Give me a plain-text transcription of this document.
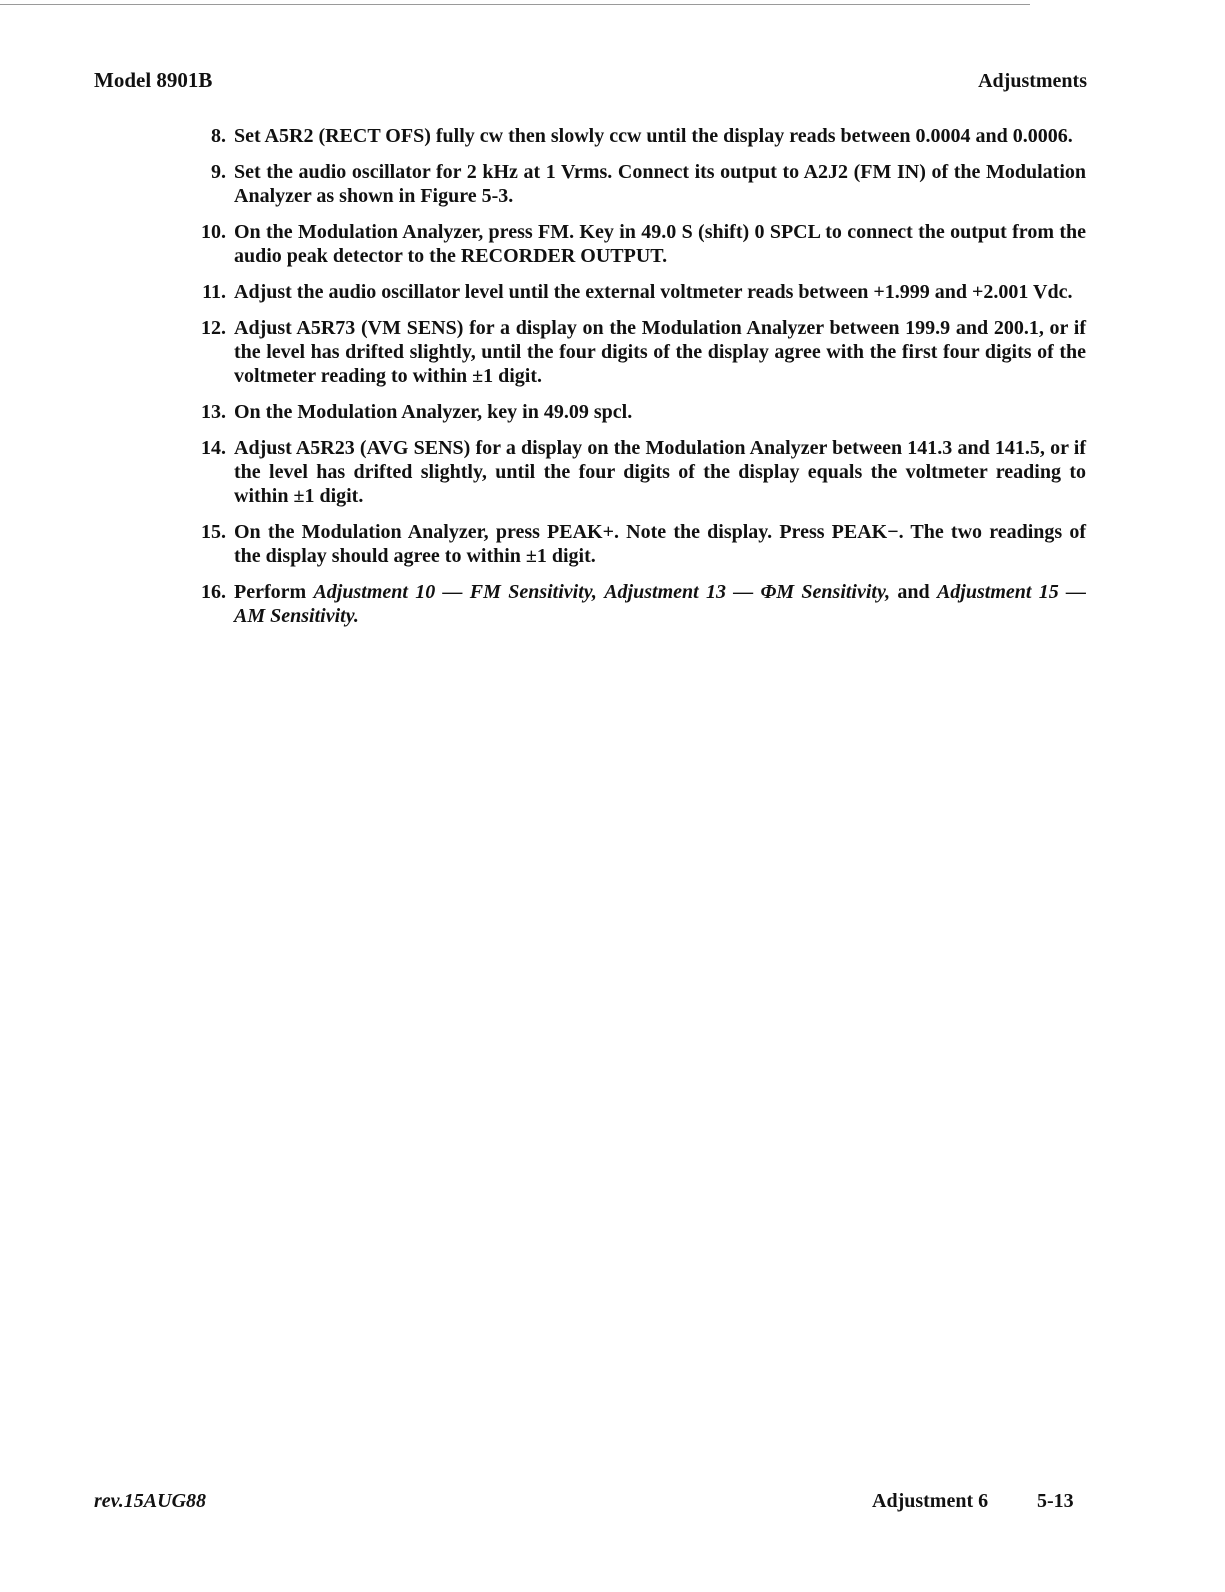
Model 8901B	Adjustments
8. Set A5R2 (RECT OFS) fully cw then slowly ccw until the display reads between 0.0004 and 0.0006.
9. Set the audio oscillator for 2 kHz at 1 Vrms. Connect its output to A2J2 (FM IN) of the Modulation Analyzer as shown in Figure 5-3.
10. On the Modulation Analyzer, press FM. Key in 49.0 S (shift) 0 SPCL to connect the output from the audio peak detector to the RECORDER OUTPUT.
11. Adjust the audio oscillator level until the external voltmeter reads between +1.999 and +2.001 Vdc.
12. Adjust A5R73 (VM SENS) for a display on the Modulation Analyzer between 199.9 and 200.1, or if the level has drifted slightly, until the four digits of the display agree with the first four digits of the voltmeter reading to within ±1 digit.
13. On the Modulation Analyzer, key in 49.09 spcl.
14. Adjust A5R23 (AVG SENS) for a display on the Modulation Analyzer between 141.3 and 141.5, or if the level has drifted slightly, until the four digits of the display equals the voltmeter reading to within ±1 digit.
15. On the Modulation Analyzer, press PEAK+. Note the display. Press PEAK−. The two readings of the display should agree to within ±1 digit.
16. Perform Adjustment 10 — FM Sensitivity, Adjustment 13 — ΦM Sensitivity, and Adjustment 15 — AM Sensitivity.
rev.15AUG88	Adjustment 6 5-13
